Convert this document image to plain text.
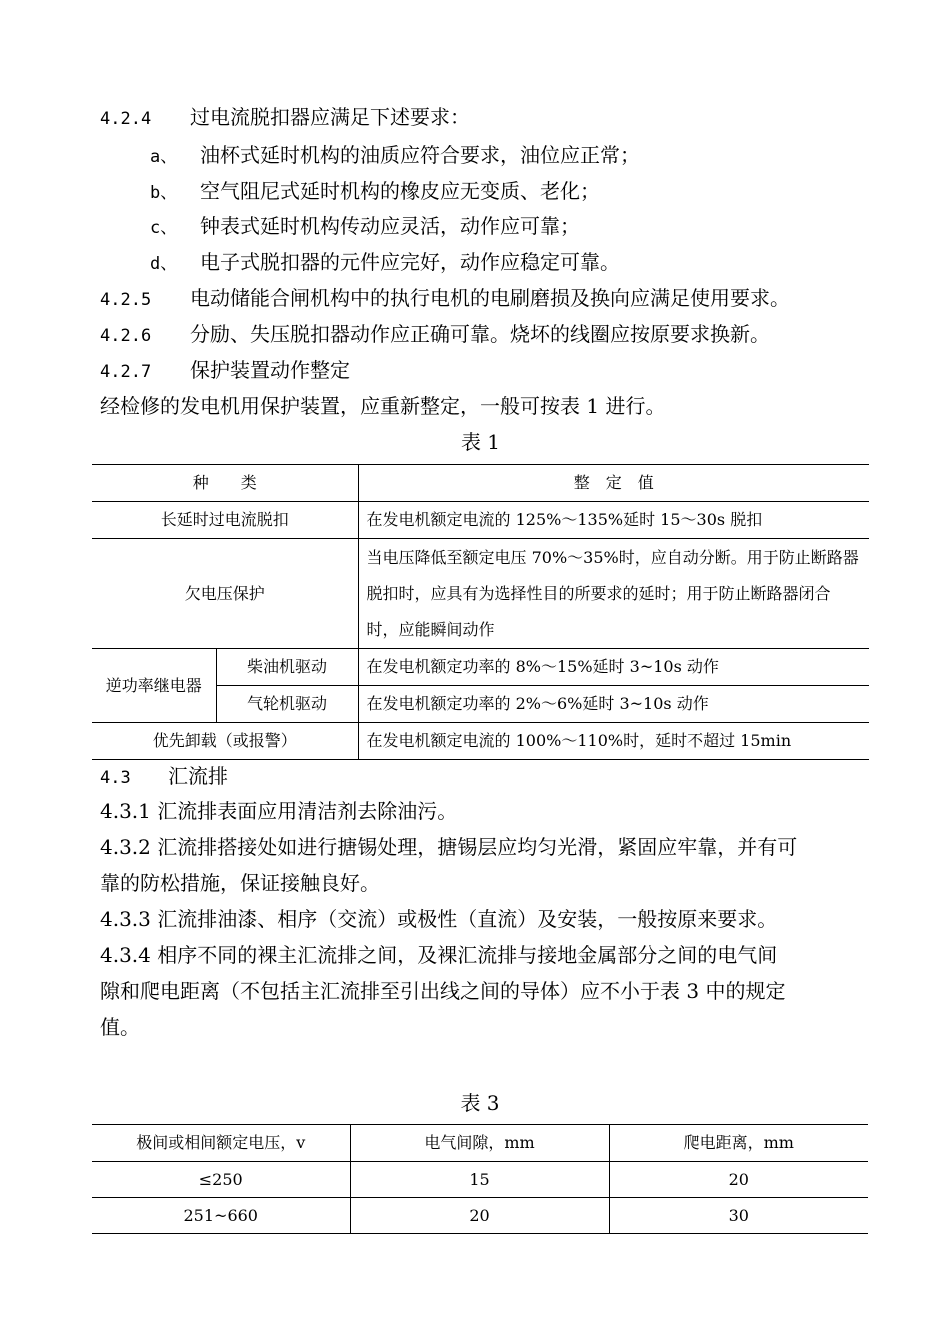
4.2.4 过电流脱扣器应满足下述要求：
a、 油杯式延时机构的油质应符合要求，油位应正常；
b、 空气阻尼式延时机构的橡皮应无变质、老化；
c、 钟表式延时机构传动应灵活，动作应可靠；
d、 电子式脱扣器的元件应完好，动作应稳定可靠。
4.2.5 电动储能合闸机构中的执行电机的电刷磨损及换向应满足使用要求。
4.2.6 分励、失压脱扣器动作应正确可靠。烧坏的线圈应按原要求换新。
4.2.7 保护装置动作整定
经检修的发电机用保护装置，应重新整定，一般可按表 1 进行。
表 1
种　　类		整　定　值
长延时过电流脱扣		在发电机额定电流的 125%～135%延时 15～30s 脱扣
欠电压保护		当电压降低至额定电压 70%～35%时，应自动分断。用于防止断路器脱扣时，应具有为选择性目的所要求的延时；用于防止断路器闭合时，应能瞬间动作
逆功率继电器	柴油机驱动	在发电机额定功率的 8%～15%延时 3~10s 动作
	气轮机驱动	在发电机额定功率的 2%～6%延时 3~10s 动作
优先卸载（或报警）		在发电机额定电流的 100%～110%时，延时不超过 15min
4.3 汇流排
4.3.1 汇流排表面应用清洁剂去除油污。
4.3.2 汇流排搭接处如进行搪锡处理，搪锡层应均匀光滑，紧固应牢靠，并有可
靠的防松措施，保证接触良好。
4.3.3 汇流排油漆、相序（交流）或极性（直流）及安装，一般按原来要求。
4.3.4 相序不同的裸主汇流排之间，及裸汇流排与接地金属部分之间的电气间
隙和爬电距离（不包括主汇流排至引出线之间的导体）应不小于表 3 中的规定
值。
表 3
极间或相间额定电压，v	电气间隙，mm	爬电距离，mm
≤250	15	20
251~660	20	30
